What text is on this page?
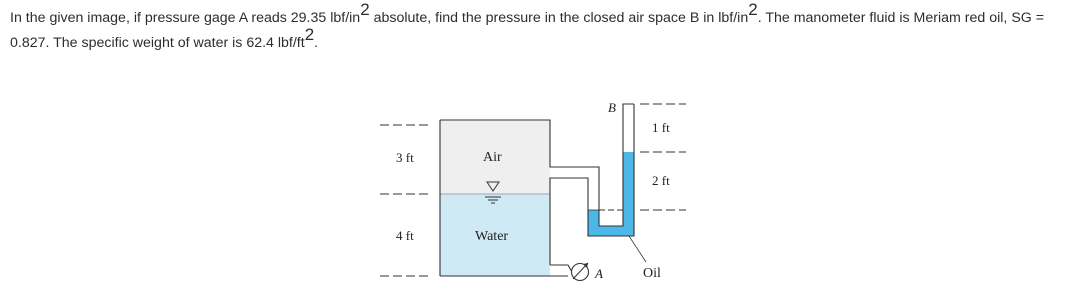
In the given image, if pressure gage A reads 29.35 lbf/$in^2$ absolute, find the pressure in the closed air space B in lbf/$in^2$. The manometer fluid is Meriam red oil, SG = 0.827. The specific weight of water is 62.4 lbf/$ft^2$.
B
1 ft
3 ft	Air
2 ft
4 ft	Water
A	Oil
